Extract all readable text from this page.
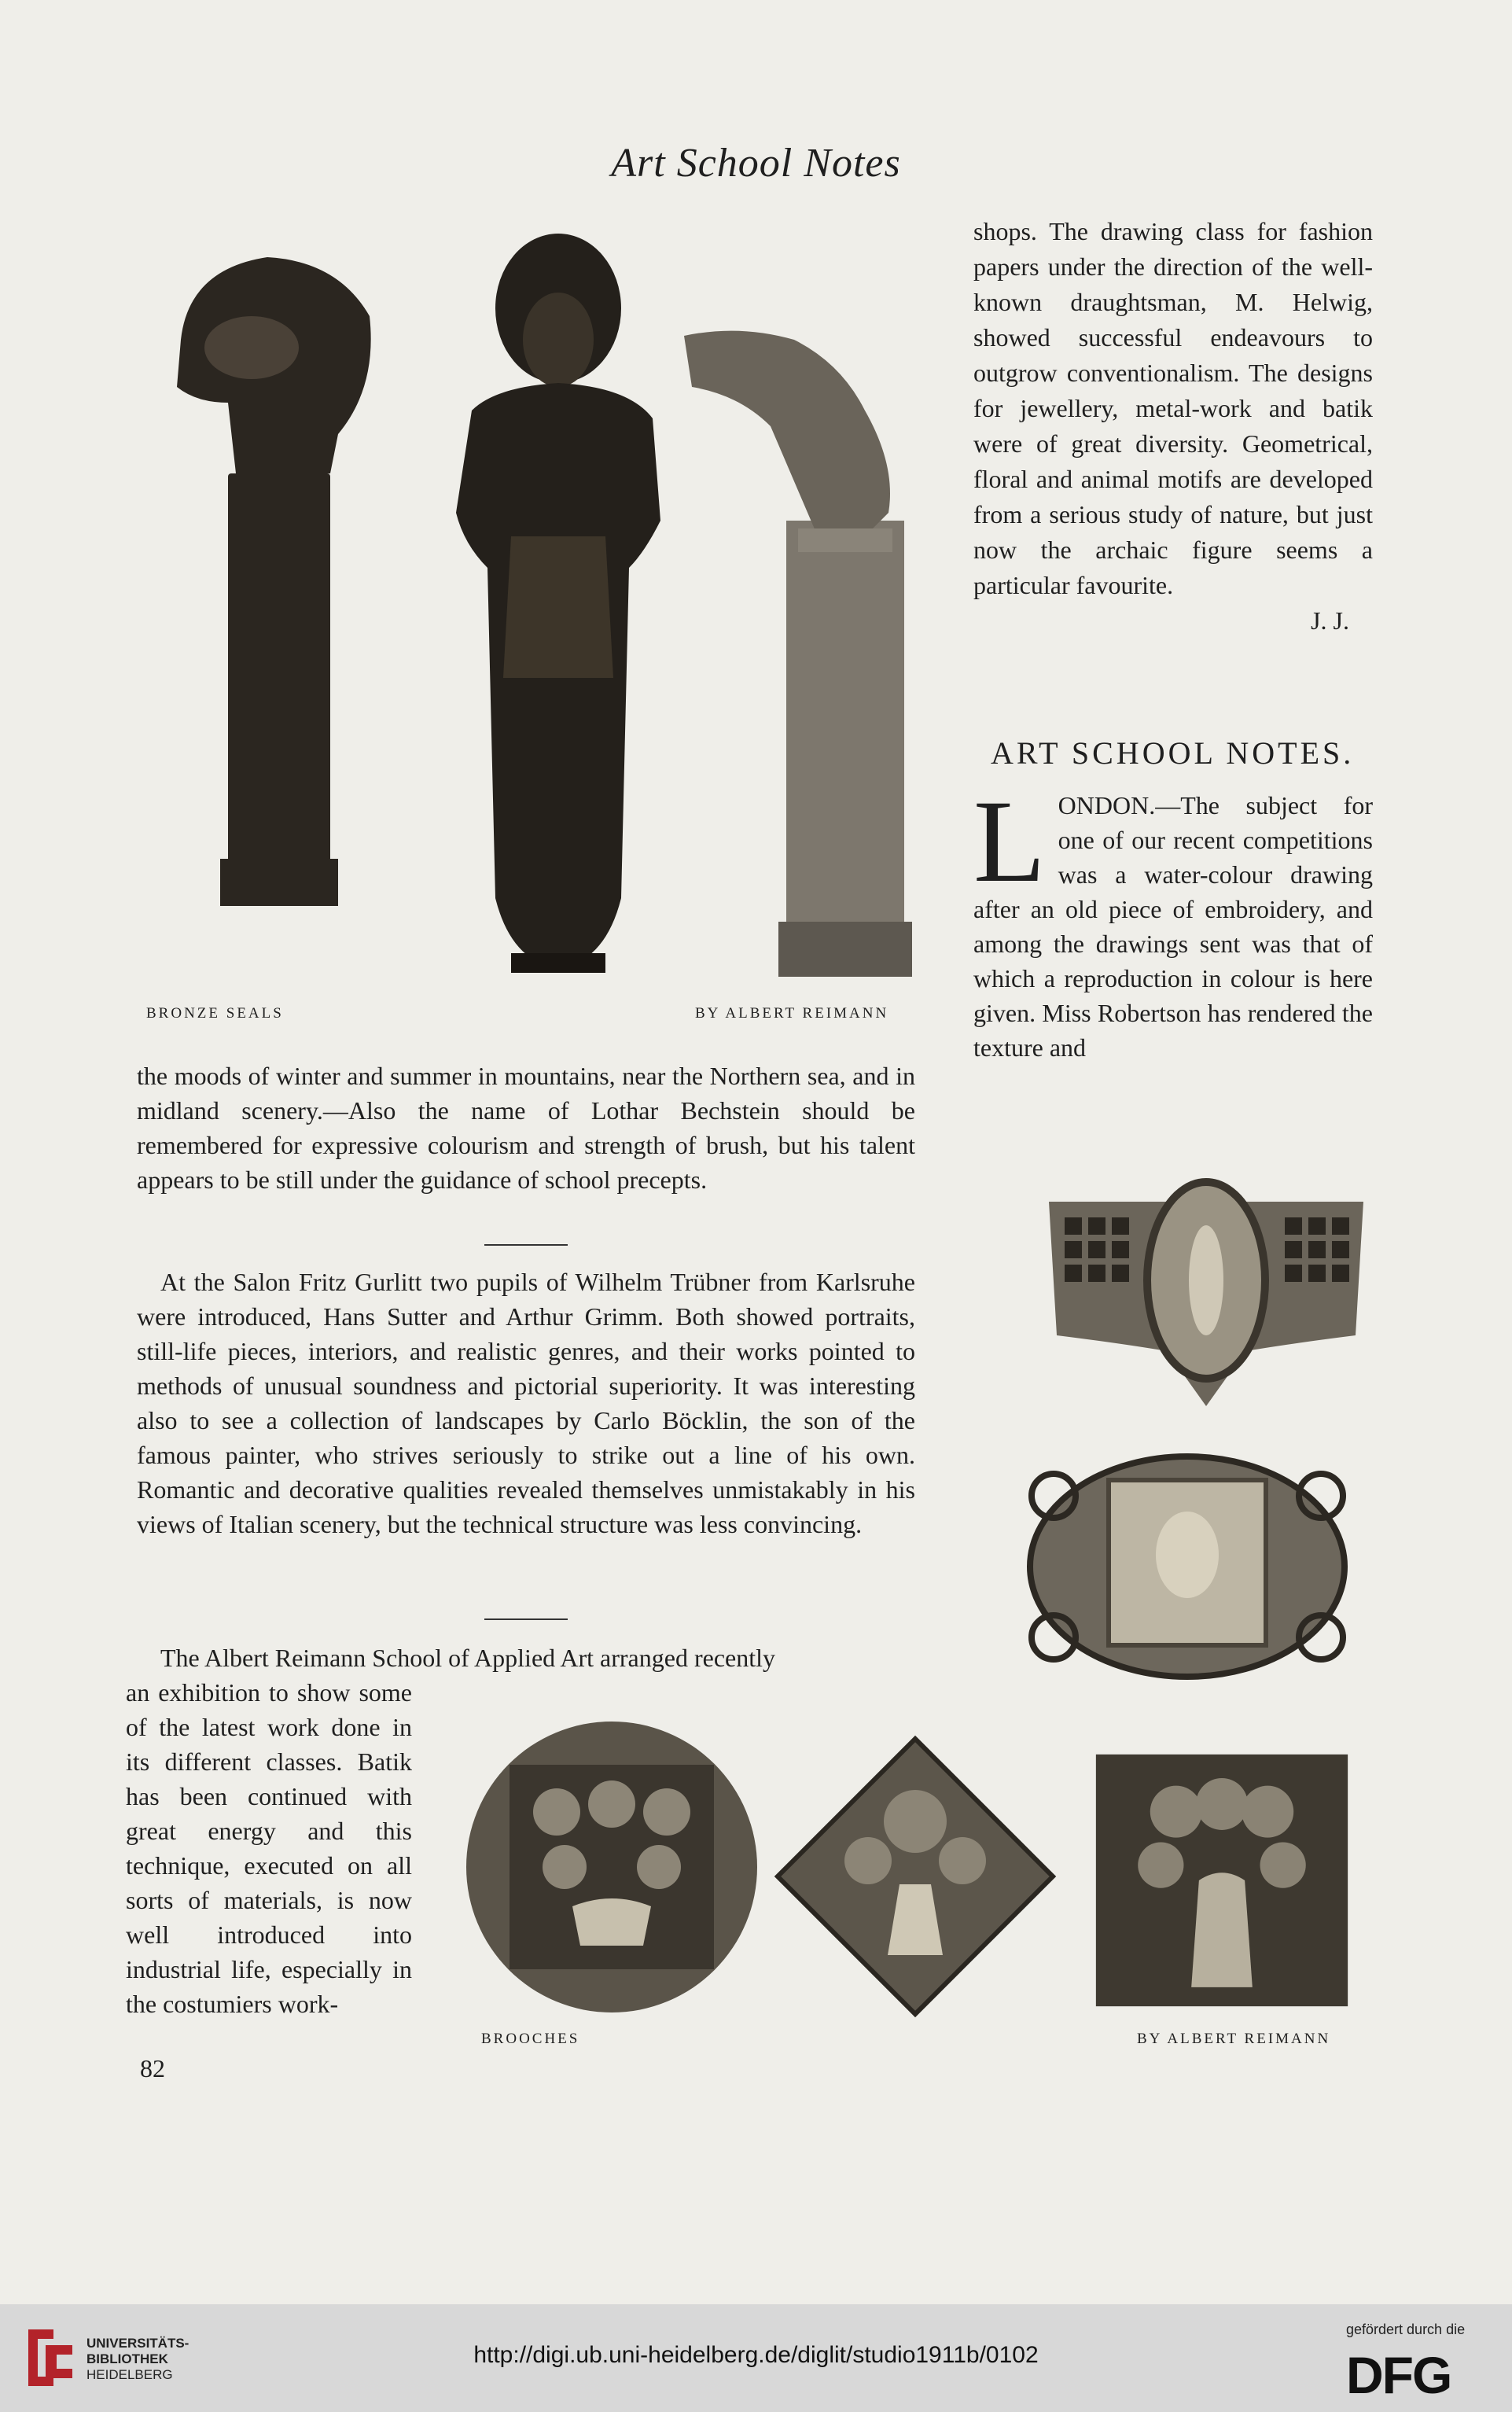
Art School Notes
BRONZE SEALS	BY ALBERT REIMANN

shops. The drawing class for fashion papers under the direction of the well-known draughtsman, M. Helwig, showed successful endeavours to outgrow conventionalism. The designs for jewellery, metal-work and batik were of great diversity. Geometrical, floral and animal motifs are developed from a serious study of nature, but just now the archaic figure seems a particular favourite.

J. J.

ART SCHOOL NOTES.
L ONDON.—The subject for one of our recent competitions was a water-colour drawing after an old piece of embroidery, and among the drawings sent was that of which a reproduction in colour is here given. Miss Robertson has rendered the texture and
the moods of winter and summer in mountains, near the Northern sea, and in midland scenery.—Also the name of Lothar Bechstein should be remembered for expressive colourism and strength of brush, but his talent appears to be still under the guidance of school precepts.
At the Salon Fritz Gurlitt two pupils of Wilhelm Trübner from Karlsruhe were introduced, Hans Sutter and Arthur Grimm. Both showed portraits, still-life pieces, interiors, and realistic genres, and their works pointed to methods of unusual soundness and pictorial superiority. It was interesting also to see a collection of landscapes by Carlo Böcklin, the son of the famous painter, who strives seriously to strike out a line of his own. Romantic and decorative qualities revealed themselves unmistakably in his views of Italian scenery, but the technical structure was less convincing.
The Albert Reimann School of Applied Art arranged recently
an exhibition to show some of the latest work done in its different classes. Batik has been continued with great energy and this technique, executed on all sorts of materials, is now well introduced into industrial life, especially in the costumiers work-
BROOCHES	BY ALBERT REIMANN
82
UNIVERSITÄTS-
BIBLIOTHEK
HEIDELBERG
http://digi.ub.uni-heidelberg.de/diglit/studio1911b/0102
gefördert durch die
DFG
